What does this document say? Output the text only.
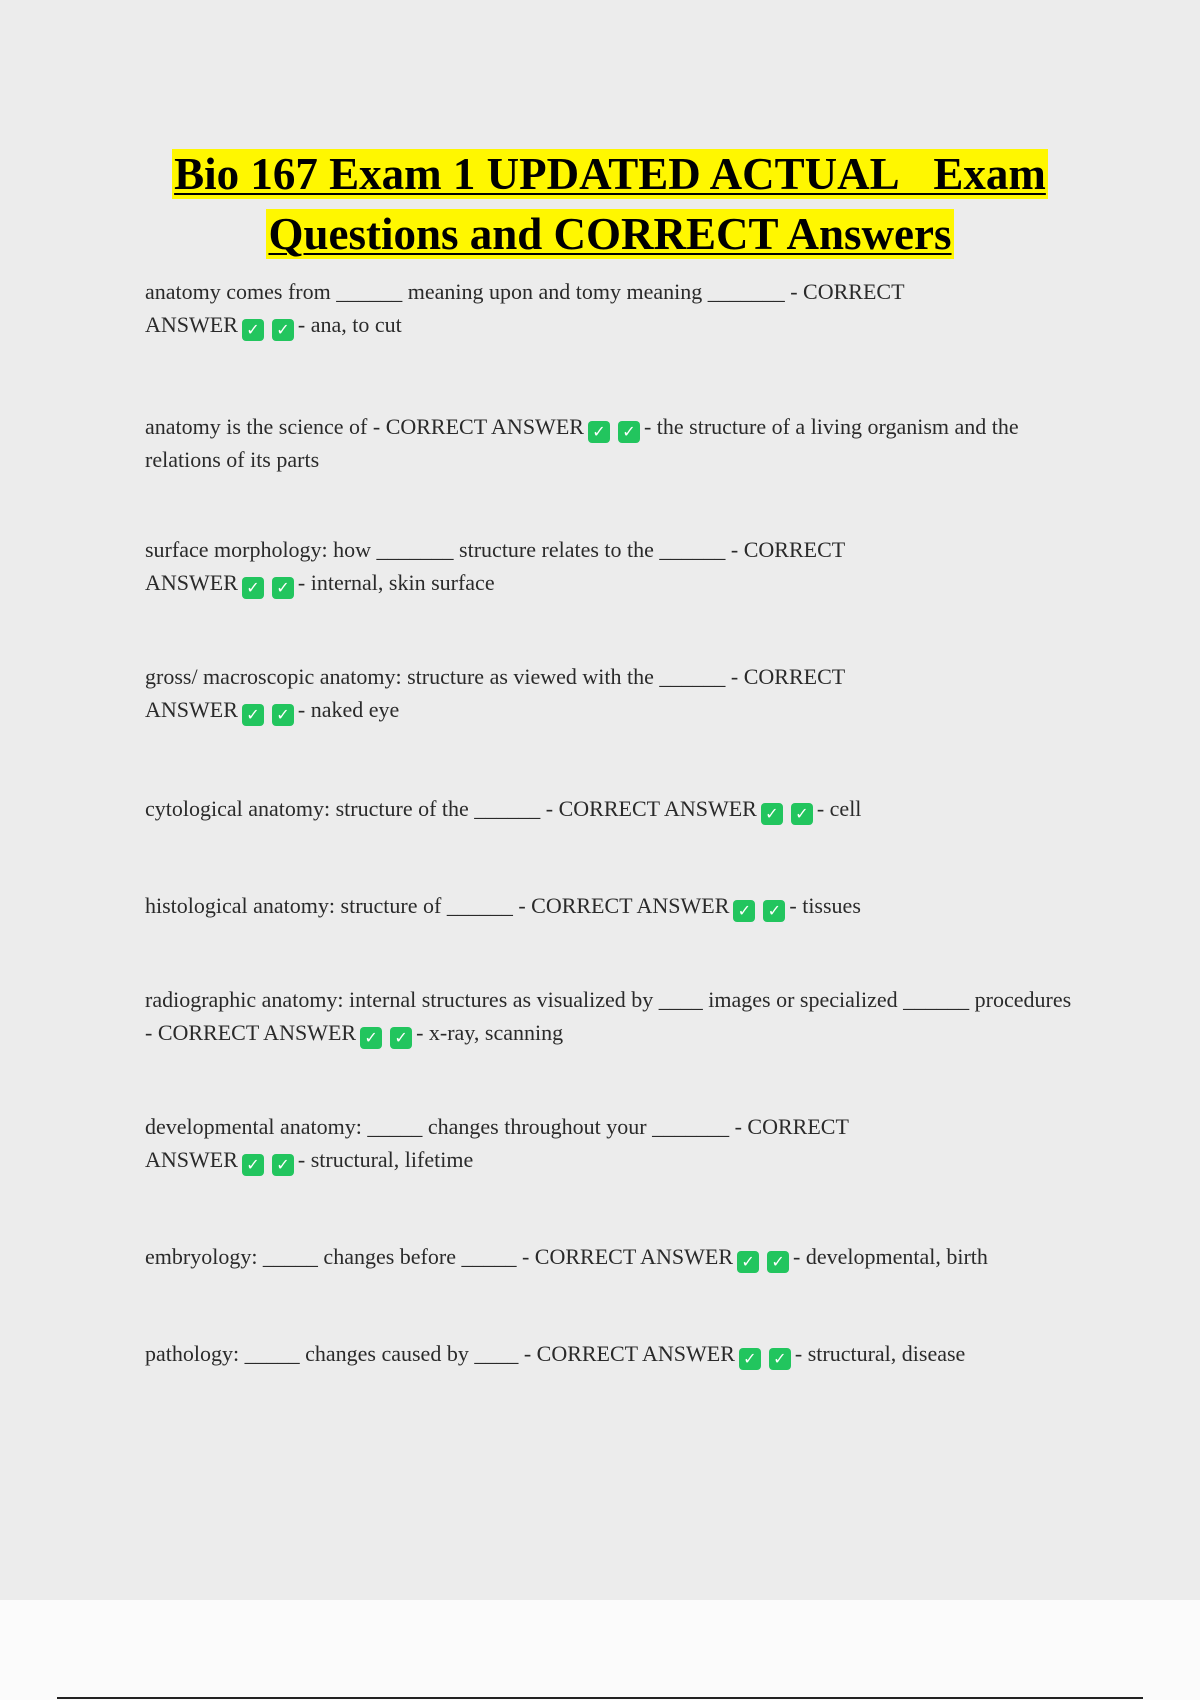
Bio 167 Exam 1 UPDATED ACTUAL   Exam Questions and CORRECT Answers

anatomy comes from ______ meaning upon and tomy meaning _______ - CORRECT ANSWER ✓ ✓ - ana, to cut

anatomy is the science of - CORRECT ANSWER ✓ ✓ - the structure of a living organism and the relations of its parts

surface morphology: how _______ structure relates to the ______ - CORRECT ANSWER ✓ ✓ - internal, skin surface

gross/ macroscopic anatomy: structure as viewed with the ______ - CORRECT ANSWER ✓ ✓ - naked eye

cytological anatomy: structure of the ______ - CORRECT ANSWER ✓ ✓ - cell

histological anatomy: structure of ______ - CORRECT ANSWER ✓ ✓ - tissues

radiographic anatomy: internal structures as visualized by ____ images or specialized ______ procedures - CORRECT ANSWER ✓ ✓ - x-ray, scanning

developmental anatomy: _____ changes throughout your _______ - CORRECT ANSWER ✓ ✓ - structural, lifetime

embryology: _____ changes before _____ - CORRECT ANSWER ✓ ✓ - developmental, birth

pathology: _____ changes caused by ____ - CORRECT ANSWER ✓ ✓ - structural, disease
